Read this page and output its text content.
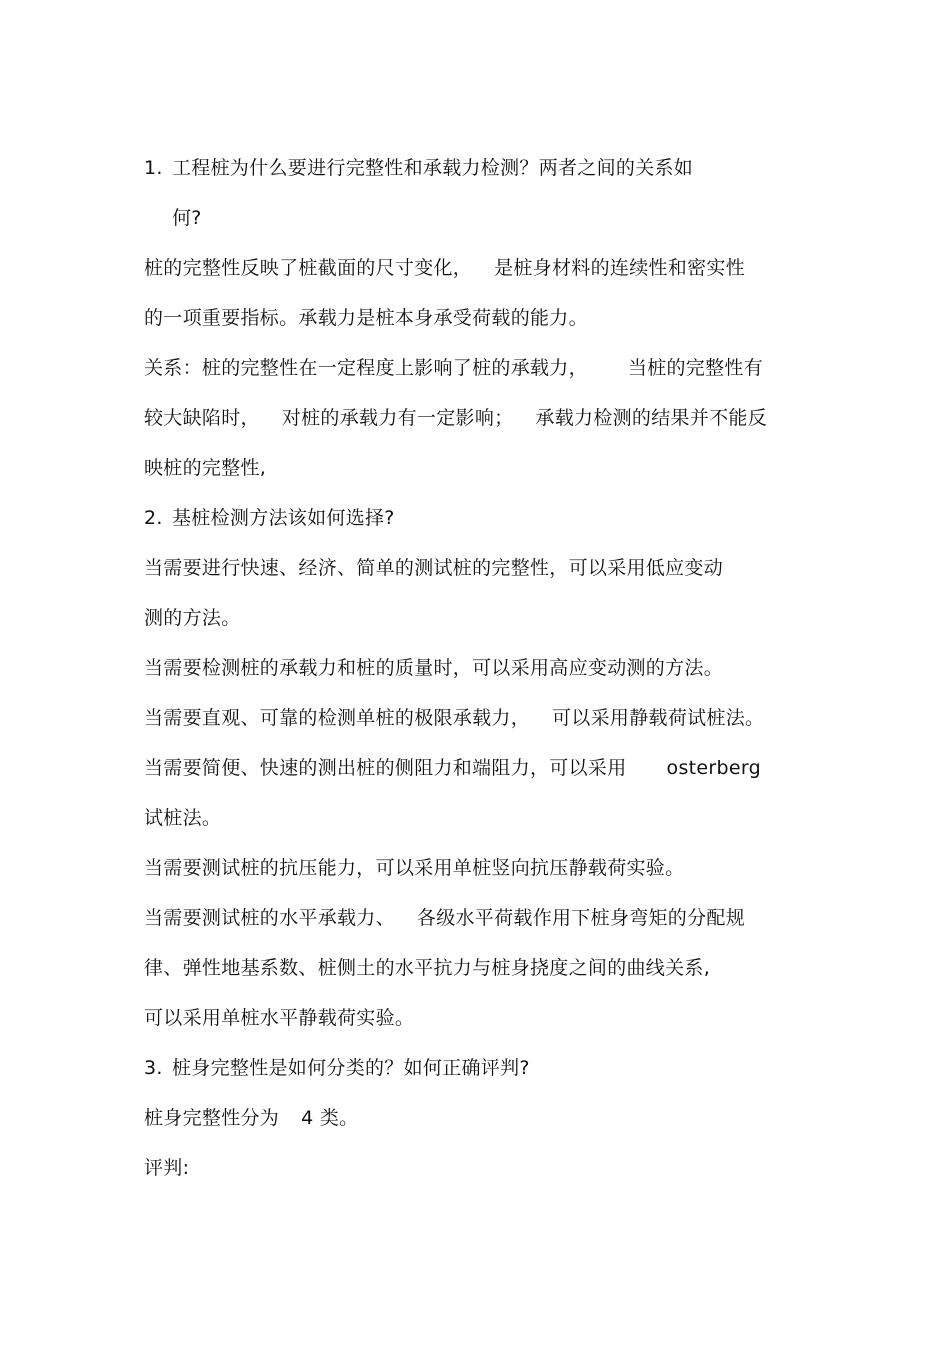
1. 工程桩为什么要进行完整性和承载力检测？两者之间的关系如
何?
桩的完整性反映了桩截面的尺寸变化， 是桩身材料的连续性和密实性
的一项重要指标。承载力是桩本身承受荷载的能力。
关系：桩的完整性在一定程度上影响了桩的承载力， 当桩的完整性有
较大缺陷时， 对桩的承载力有一定影响； 承载力检测的结果并不能反
映桩的完整性,
2. 基桩检测方法该如何选择?
当需要进行快速、经济、简单的测试桩的完整性，可以采用低应变动
测的方法。
当需要检测桩的承载力和桩的质量时，可以采用高应变动测的方法。
当需要直观、可靠的检测单桩的极限承载力， 可以采用静载荷试桩法。
当需要简便、快速的测出桩的侧阻力和端阻力，可以采用 osterberg
试桩法。
当需要测试桩的抗压能力，可以采用单桩竖向抗压静载荷实验。
当需要测试桩的水平承载力、 各级水平荷载作用下桩身弯矩的分配规
律、弹性地基系数、桩侧土的水平抗力与桩身挠度之间的曲线关系,
可以采用单桩水平静载荷实验。
3. 桩身完整性是如何分类的？如何正确评判?
桩身完整性分为 4 类。
评判:
